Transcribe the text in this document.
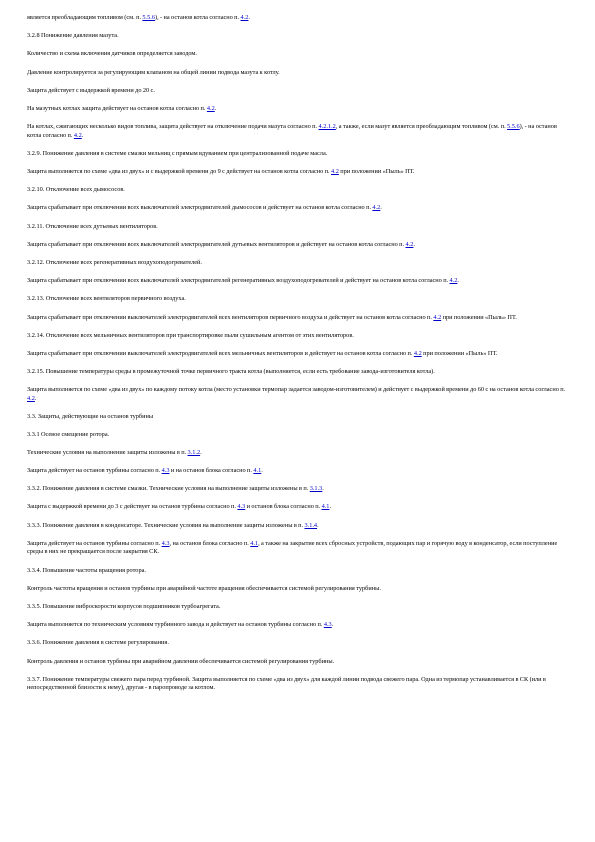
является преобладающим топливом (см. п. 5.5.6), - на останов котла согласно п. 4.2.

3.2.8 Понижение давления мазута.

Количество и схема включения датчиков определяется заводом.

Давление контролируется за регулирующим клапаном на общей линии подвода мазута к котлу.

Защита действует с выдержкой времени до 20 с.

На мазутных котлах защита действует на останов котла согласно п. 4.2.

На котлах, сжигающих несколько видов топлива, защита действует на отключение подачи мазута согласно п. 4.2.1.2, а также, если мазут является преобладающим топливом (см. п. 5.5.6), - на останов котла согласно п. 4.2.

3.2.9. Понижение давления в системе смазки мельниц с прямым вдуванием при централизованной подаче масла.

Защита выполняется по схеме «два из двух» и с выдержкой времени до 9 с действует на останов котла согласно п. 4.2 при положении «Пыль» ПТ.

3.2.10. Отключение всех дымососов.

Защита срабатывает при отключении всех выключателей электродвигателей дымососов и действует на останов котла согласно п. 4.2.

3.2.11. Отключение всех дутьевых вентиляторов.

Защита срабатывает при отключении всех выключателей электродвигателей дутьевых вентиляторов и действует на останов котла согласно п. 4.2.

3.2.12. Отключение всех регенеративных воздухоподогревателей.

Защита срабатывает при отключении всех выключателей электродвигателей регенеративных воздухоподогревателей и действует на останов котла согласно п. 4.2.

3.2.13. Отключение всех вентиляторов первичного воздуха.

Защита срабатывает при отключении выключателей электродвигателей всех вентиляторов первичного воздуха и действует на останов котла согласно п. 4.2 при положении «Пыль» ПТ.

3.2.14. Отключение всех мельничных вентиляторов при транспортировке пыли сушильным агентом от этих вентиляторов.

Защита срабатывает при отключении выключателей электродвигателей всех мельничных вентиляторов и действует на останов котла согласно п. 4.2 при положении «Пыль» ПТ.

3.2.15. Повышение температуры среды в промежуточной точке первичного тракта котла (выполняется, если есть требование завода-изготовителя котла).

Защита выполняется по схеме «два из двух» по каждому потоку котла (место установки термопар задается заводом-изготовителем) и действует с выдержкой времени до 60 с на останов котла согласно п. 4.2.

3.3. Защиты, действующие на останов турбины

3.3.1 Осевое смещение ротора.

Технические условия на выполнение защиты изложены в п. 3.1.2.

Защита действует на останов турбины согласно п. 4.3 и на останов блока согласно п. 4.1.

3.3.2. Понижение давления в системе смазки. Технические условия на выполнение защиты изложены в п. 3.1.3.

Защита с выдержкой времени до 3 с действует на останов турбины согласно п. 4.3 и останов блока согласно п. 4.1.

3.3.3. Понижение давления в конденсаторе. Технические условия на выполнение защиты изложены в п. 3.1.4.

Защита действует на останов турбины согласно п. 4.3, на останов блока согласно п. 4.1, а также на закрытие всех сбросных устройств, подающих пар и горячую воду в конденсатор, если поступление среды в них не прекращается после закрытия СК.

3.3.4. Повышение частоты вращения ротора.

Контроль частоты вращения и останов турбины при аварийной частоте вращения обеспечивается системой регулирования турбины.

3.3.5. Повышение виброскорости корпусов подшипников турбоагрегата.

Защита выполняется по техническим условиям турбинного завода и действует на останов турбины согласно п. 4.3.

3.3.6. Понижение давления в системе регулирования.

Контроль давления и останов турбины при аварийном давлении обеспечивается системой регулирования турбины.

3.3.7. Понижение температуры свежего пара перед турбиной. Защита выполняется по схеме «два из двух» для каждой линии подвода свежего пара. Одна из термопар устанавливается в СК (или в непосредственной близости к нему), другая - в паропроводе за котлом.
